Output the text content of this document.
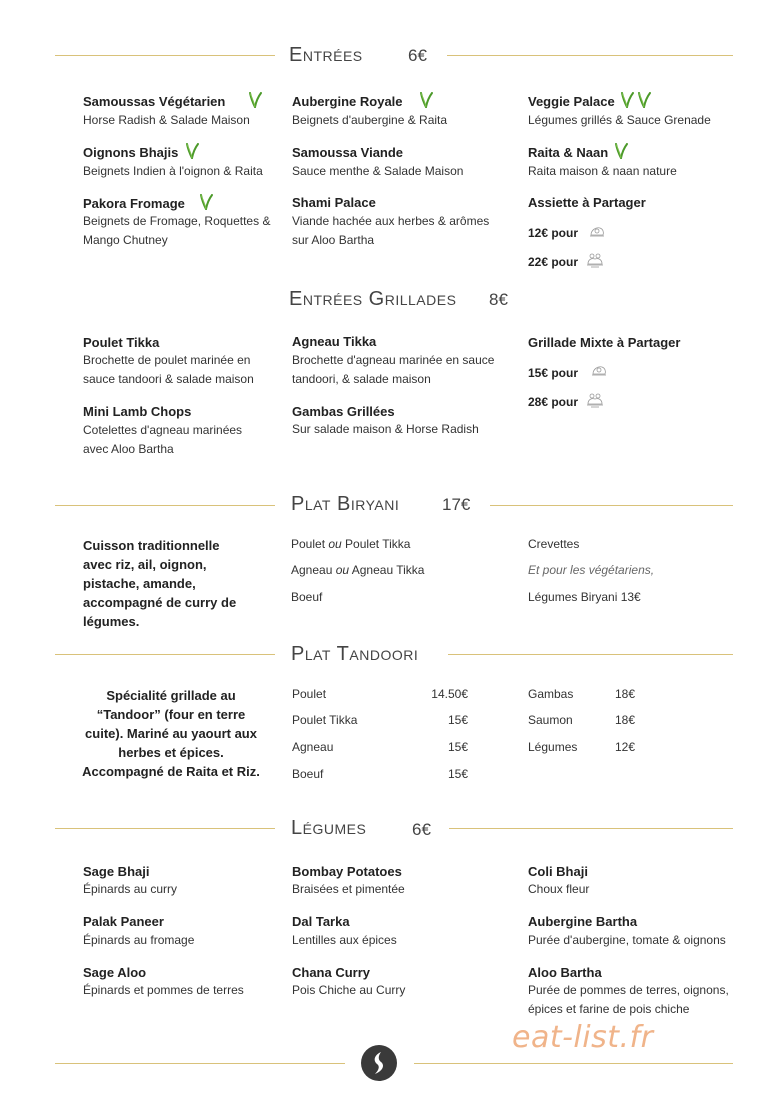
Entrées	6€
Samoussas Végétarien
Horse Radish & Salade Maison
Oignons Bhajis
Beignets Indien à l'oignon & Raita
Pakora Fromage
Beignets de Fromage, Roquettes & Mango Chutney
Aubergine Royale
Beignets d'aubergine & Raita
Samoussa Viande
Sauce menthe & Salade Maison
Shami Palace
Viande hachée aux herbes & arômes sur Aloo Bartha
Veggie Palace
Légumes grillés & Sauce Grenade
Raita & Naan
Raita maison & naan nature
Assiette à Partager
12€ pour
22€ pour
Entrées Grillades 8€
Poulet Tikka
Brochette de poulet marinée en sauce tandoori & salade maison
Mini Lamb Chops
Cotelettes d'agneau marinées avec Aloo Bartha
Agneau Tikka
Brochette d'agneau marinée en sauce tandoori, & salade maison
Gambas Grillées
Sur salade maison & Horse Radish
Grillade Mixte à Partager
15€ pour
28€ pour
Plat Biryani	17€
Cuisson traditionnelle avec riz, ail, oignon, pistache, amande, accompagné de curry de légumes.
Poulet ou Poulet Tikka
Agneau ou Agneau Tikka
Boeuf
Crevettes
Et pour les végétariens,
Légumes Biryani 13€
Plat Tandoori
Spécialité grillade au “Tandoor” (four en terre cuite). Mariné au yaourt aux herbes et épices. Accompagné de Raita et Riz.
Poulet	14.50€
Poulet Tikka	15€
Agneau	15€
Boeuf	15€
Gambas	18€
Saumon	18€
Légumes	12€
Légumes	6€
Sage Bhaji
Épinards au curry
Palak Paneer
Épinards au fromage
Sage Aloo
Épinards et pommes de terres
Bombay Potatoes
Braisées et pimentée
Dal Tarka
Lentilles aux épices
Chana Curry
Pois Chiche au Curry
Coli Bhaji
Choux fleur
Aubergine Bartha
Purée d'aubergine, tomate & oignons
Aloo Bartha
Purée de pommes de terres, oignons, épices et farine de pois chiche
eat-list.fr
